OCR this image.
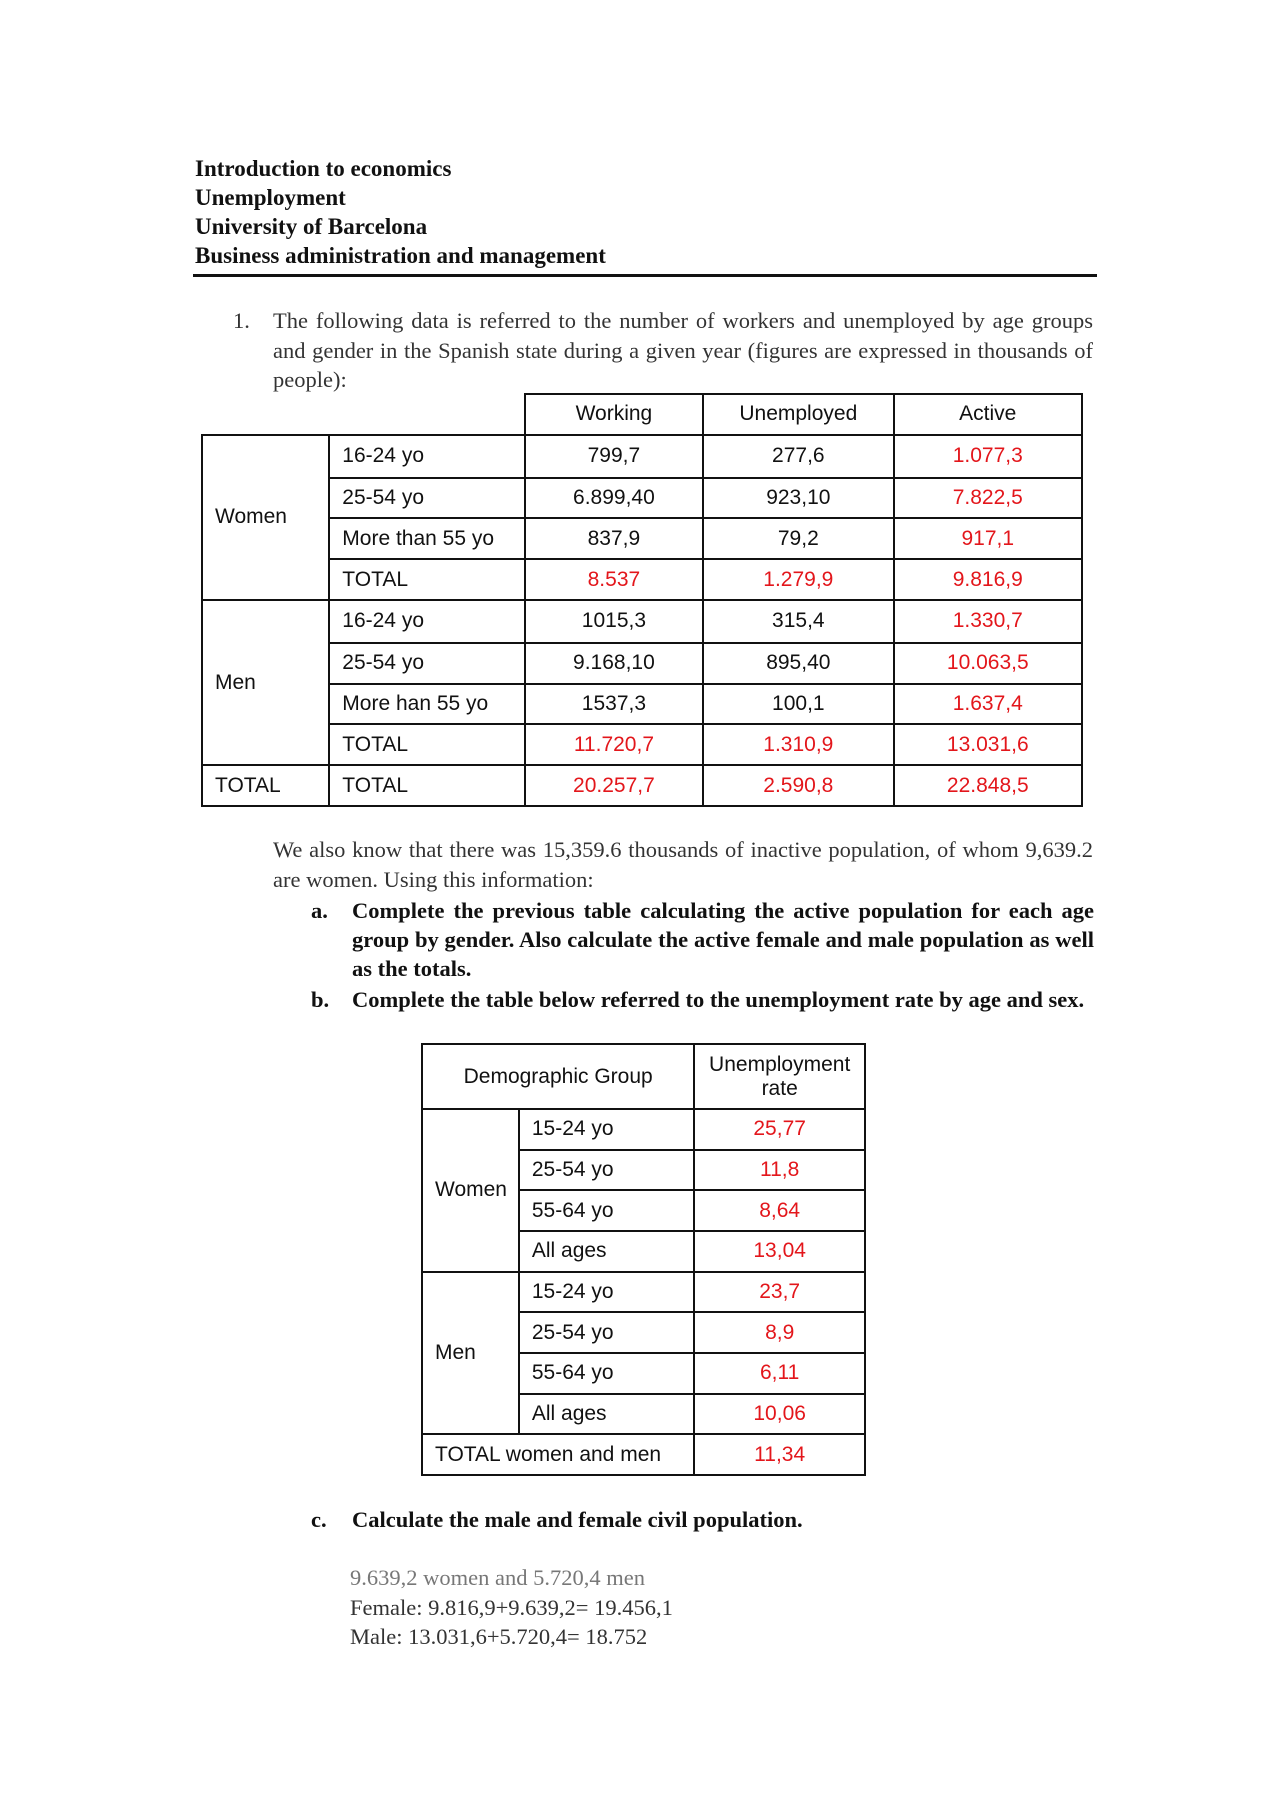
Introduction to economics
Unemployment
University of Barcelona
Business administration and management
1. The following data is referred to the number of workers and unemployed by age groups and gender in the Spanish state during a given year (figures are expressed in thousands of people):
		Working	Unemployed	Active
Women	16-24 yo	799,7	277,6	1.077,3
	25-54 yo	6.899,40	923,10	7.822,5
	More than 55 yo	837,9	79,2	917,1
	TOTAL	8.537	1.279,9	9.816,9
Men	16-24 yo	1015,3	315,4	1.330,7
	25-54 yo	9.168,10	895,40	10.063,5
	More han 55 yo	1537,3	100,1	1.637,4
	TOTAL	11.720,7	1.310,9	13.031,6
TOTAL	TOTAL	20.257,7	2.590,8	22.848,5
We also know that there was 15,359.6 thousands of inactive population, of whom 9,639.2 are women. Using this information:
a. Complete the previous table calculating the active population for each age group by gender. Also calculate the active female and male population as well as the totals.
b. Complete the table below referred to the unemployment rate by age and sex.
Demographic Group		Unemployment rate
Women	15-24 yo	25,77
	25-54 yo	11,8
	55-64 yo	8,64
	All ages	13,04
Men	15-24 yo	23,7
	25-54 yo	8,9
	55-64 yo	6,11
	All ages	10,06
TOTAL women and men		11,34
c. Calculate the male and female civil population.
9.639,2 women and 5.720,4 men
Female: 9.816,9+9.639,2= 19.456,1
Male: 13.031,6+5.720,4= 18.752
